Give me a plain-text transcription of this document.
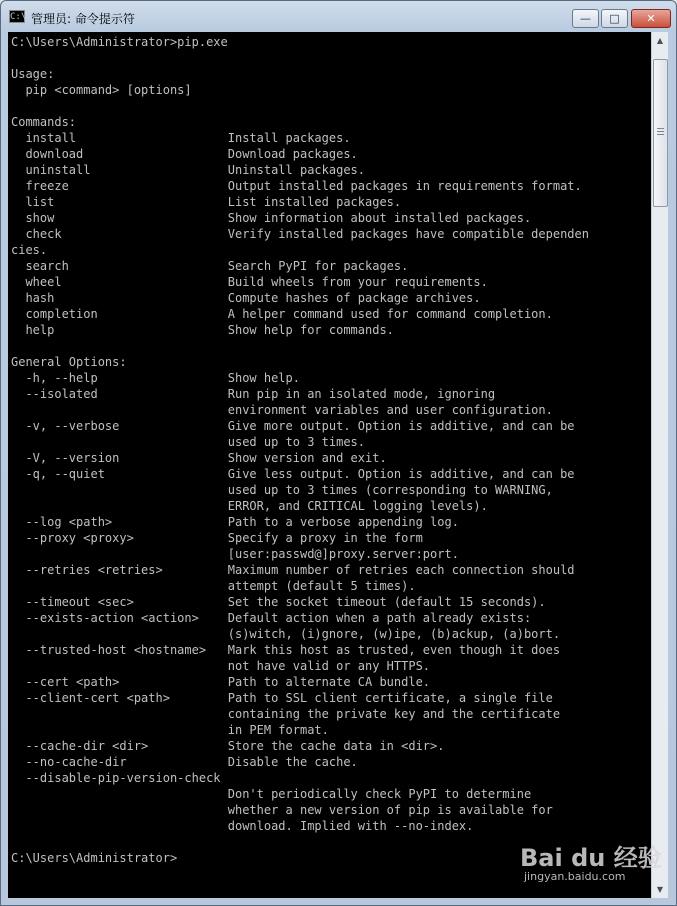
C:\ 管理员: 命令提示符	—	□	✕
C:\Users\Administrator>pip.exe
Usage:
pip <command> [options]
Commands:
install                     Install packages.
download                    Download packages.
uninstall                   Uninstall packages.
freeze                      Output installed packages in requirements format.
list                        List installed packages.
show                        Show information about installed packages.
check                       Verify installed packages have compatible dependen
cies.
search                      Search PyPI for packages.
wheel                       Build wheels from your requirements.
hash                        Compute hashes of package archives.
completion                  A helper command used for command completion.
help                        Show help for commands.
General Options:
-h, --help                  Show help.
--isolated                  Run pip in an isolated mode, ignoring
environment variables and user configuration.
-v, --verbose               Give more output. Option is additive, and can be
used up to 3 times.
-V, --version               Show version and exit.
-q, --quiet                 Give less output. Option is additive, and can be
used up to 3 times (corresponding to WARNING,
ERROR, and CRITICAL logging levels).
--log <path>                Path to a verbose appending log.
--proxy <proxy>             Specify a proxy in the form
[user:passwd@]proxy.server:port.
--retries <retries>         Maximum number of retries each connection should
attempt (default 5 times).
--timeout <sec>             Set the socket timeout (default 15 seconds).
--exists-action <action>    Default action when a path already exists:
(s)witch, (i)gnore, (w)ipe, (b)ackup, (a)bort.
--trusted-host <hostname>   Mark this host as trusted, even though it does
not have valid or any HTTPS.
--cert <path>               Path to alternate CA bundle.
--client-cert <path>        Path to SSL client certificate, a single file
containing the private key and the certificate
in PEM format.
--cache-dir <dir>           Store the cache data in <dir>.
--no-cache-dir              Disable the cache.
--disable-pip-version-check
Don't periodically check PyPI to determine
whether a new version of pip is available for
download. Implied with --no-index.
C:\Users\Administrator>
▲
▼
Bai du 经验
jingyan.baidu.com
